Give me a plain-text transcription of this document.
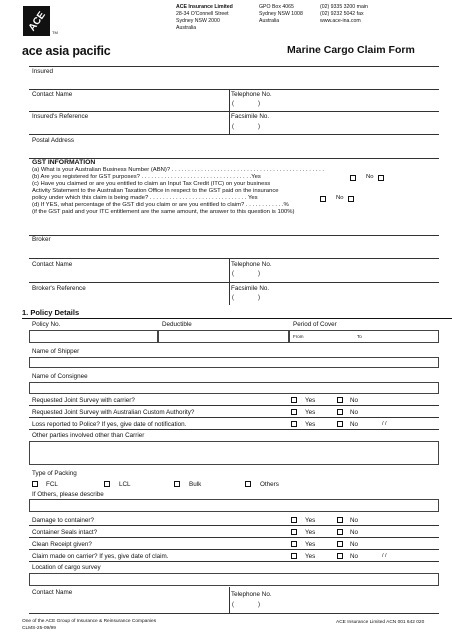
ACE TM
ACE Insurance Limited
28-34 O'Connell Street
Sydney NSW 2000
Australia
GPO Box 4065
Sydney NSW 1008
Australia
(02) 9335 3200 main
(02) 9232 5042 fax
www.ace-ina.com
ace asia pacific	Marine Cargo Claim Form
Insured
Contact Name	Telephone No.
(	)
Insured's Reference	Facsimile No.
(	)
Postal Address
GST INFORMATION
(a) What is your Australian Business Number (ABN)? . . . . . . . . . . . . . . . . . . . . . . . . . . . . . . . . . . . . . . . . . . . . . . .
(b) Are you registered for GST purposes? . . . . . . . . . . . . . . . . . . . . . . . . . . . . . . . . . .Yes	No
(c) Have you claimed or are you entitled to claim an Input Tax Credit (ITC) on your business
Activity Statement to the Australian Taxation Office in respect to the GST paid on the insurance
policy under which this claim is being made? . . . . . . . . . . . . . . . . . . . . . . . . . . . . . . Yes	No
(d) If YES, what percentage of the GST did you claim or are you entitled to claim? . . . . . . . . . . . .%
(if the GST paid and your ITC entitlement are the same amount, the answer to this question is 100%)
Broker
Contact Name	Telephone No.
(	)
Broker's Reference	Facsimile No.
(	)
1. Policy Details
Policy No.	Deductible	Period of Cover
From	To
Name of Shipper
Name of Consignee
Requested Joint Survey with carrier?	Yes	No
Requested Joint Survey with Australian Custom Authority?	Yes	No
Loss reported to Police? If yes, give date of notification.	Yes	No	/ /
Other parties involved other than Carrier
Type of Packing
FCL	LCL	Bulk	Others
If Others, please describe
Damage to container?	Yes	No
Container Seals intact?	Yes	No
Clean Receipt given?	Yes	No
Claim made on carrier? If yes, give date of claim.	Yes	No	/ /
Location of cargo survey
Contact Name	Telephone No.
(	)
One of the ACE Group of Insurance & Reinsurance Companies
CLMS-25-09/99
ACE Insurance Limited ACN 001 642 020
